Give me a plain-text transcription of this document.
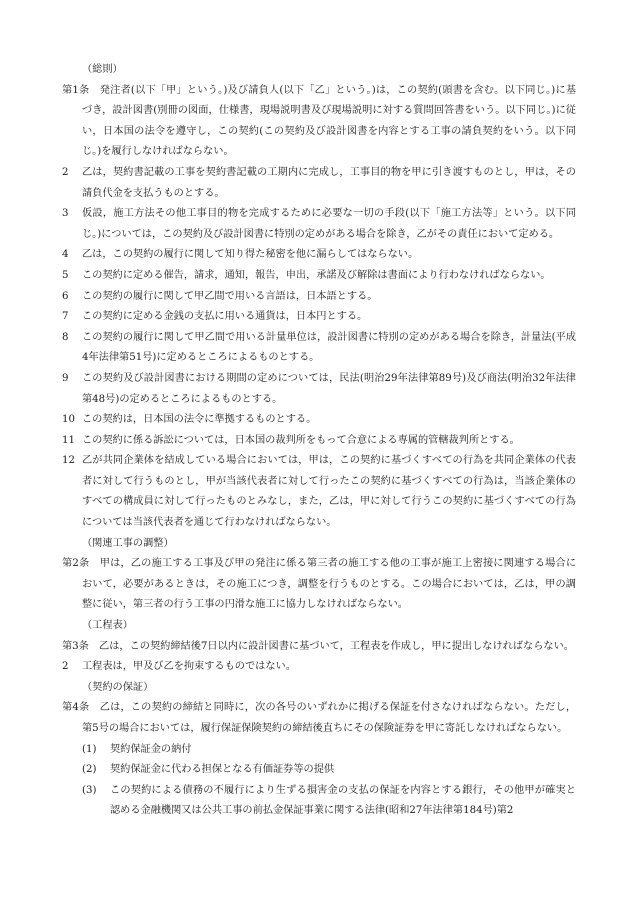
（総則）
第1条　発注者(以下「甲」という。)及び請負人(以下「乙」という。)は，この契約(頭書を含む。以下同じ。)に基づき，設計図書(別冊の図面，仕様書，現場説明書及び現場説明に対する質問回答書をいう。以下同じ。)に従い，日本国の法令を遵守し，この契約(この契約及び設計図書を内容とする工事の請負契約をいう。以下同じ。)を履行しなければならない。
2 乙は，契約書記載の工事を契約書記載の工期内に完成し，工事目的物を甲に引き渡すものとし，甲は，その請負代金を支払うものとする。
3 仮設，施工方法その他工事目的物を完成するために必要な一切の手段(以下「施工方法等」という。以下同じ。)については，この契約及び設計図書に特別の定めがある場合を除き，乙がその責任において定める。
4 乙は，この契約の履行に関して知り得た秘密を他に漏らしてはならない。
5 この契約に定める催告，請求，通知，報告，申出，承諾及び解除は書面により行わなければならない。
6 この契約の履行に関して甲乙間で用いる言語は，日本語とする。
7 この契約に定める金銭の支払に用いる通貨は，日本円とする。
8 この契約の履行に関して甲乙間で用いる計量単位は，設計図書に特別の定めがある場合を除き，計量法(平成4年法律第51号)に定めるところによるものとする。
9 この契約及び設計図書における期間の定めについては，民法(明治29年法律第89号)及び商法(明治32年法律第48号)の定めるところによるものとする。
10 この契約は，日本国の法令に準拠するものとする。
11 この契約に係る訴訟については，日本国の裁判所をもって合意による専属的管轄裁判所とする。
12 乙が共同企業体を結成している場合においては，甲は，この契約に基づくすべての行為を共同企業体の代表者に対して行うものとし，甲が当該代表者に対して行ったこの契約に基づくすべての行為は，当該企業体のすべての構成員に対して行ったものとみなし，また，乙は，甲に対して行うこの契約に基づくすべての行為については当該代表者を通じて行わなければならない。
（関連工事の調整）
第2条　甲は，乙の施工する工事及び甲の発注に係る第三者の施工する他の工事が施工上密接に関連する場合において，必要があるときは，その施工につき，調整を行うものとする。この場合においては，乙は，甲の調整に従い，第三者の行う工事の円滑な施工に協力しなければならない。
（工程表）
第3条　乙は，この契約締結後7日以内に設計図書に基づいて，工程表を作成し，甲に提出しなければならない。
2 工程表は，甲及び乙を拘束するものではない。
（契約の保証）
第4条　乙は，この契約の締結と同時に，次の各号のいずれかに掲げる保証を付さなければならない。ただし，第5号の場合においては，履行保証保険契約の締結後直ちにその保険証券を甲に寄託しなければならない。
(1) 契約保証金の納付
(2) 契約保証金に代わる担保となる有価証券等の提供
(3) この契約による債務の不履行により生ずる損害金の支払の保証を内容とする銀行，その他甲が確実と認める金融機関又は公共工事の前払金保証事業に関する法律(昭和27年法律第184号)第2
